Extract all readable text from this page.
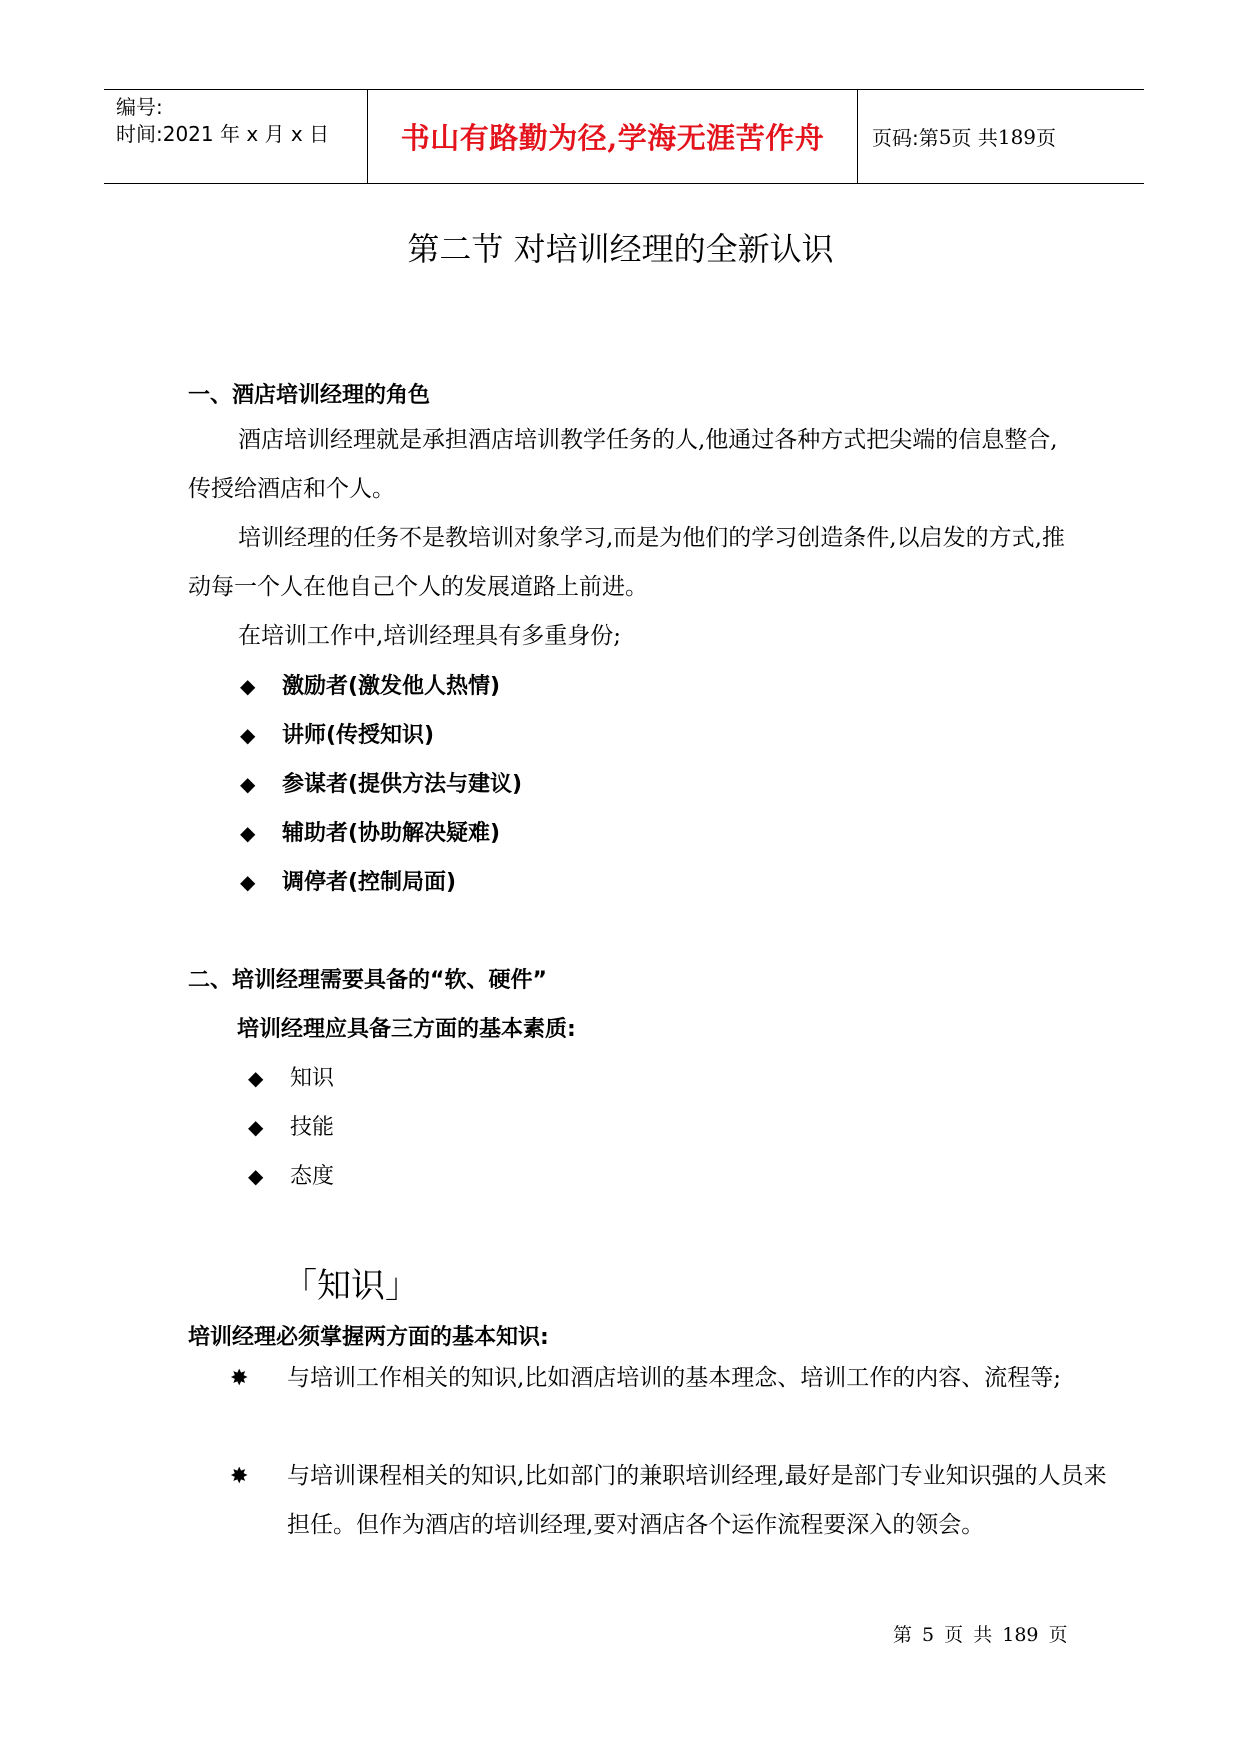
编号:
时间:2021 年 x 月 x 日	书山有路勤为径,学海无涯苦作舟	页码:第 5 页 共 189 页
第二节 对培训经理的全新认识
一、酒店培训经理的角色
酒店培训经理就是承担酒店培训教学任务的人,他通过各种方式把尖端的信息整合,传授给酒店和个人。
培训经理的任务不是教培训对象学习,而是为他们的学习创造条件,以启发的方式,推动每一个人在他自己个人的发展道路上前进。
在培训工作中,培训经理具有多重身份;
◆ 激励者(激发他人热情)
◆ 讲师(传授知识)
◆ 参谋者(提供方法与建议)
◆ 辅助者(协助解决疑难)
◆ 调停者(控制局面)
二、培训经理需要具备的“软、硬件”
培训经理应具备三方面的基本素质:
◆ 知识
◆ 技能
◆ 态度
「知识」
培训经理必须掌握两方面的基本知识:
✸ 与培训工作相关的知识,比如酒店培训的基本理念、培训工作的内容、流程等;
✸ 与培训课程相关的知识,比如部门的兼职培训经理,最好是部门专业知识强的人员来担任。但作为酒店的培训经理,要对酒店各个运作流程要深入的领会。
第 5 页 共 189 页
